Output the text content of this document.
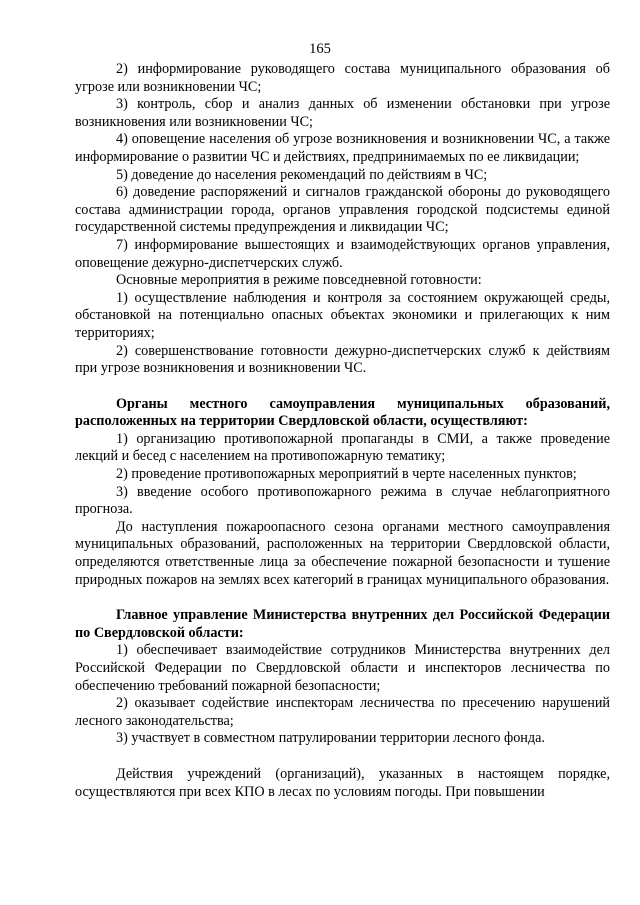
165

2) информирование руководящего состава муниципального образования об угрозе или возникновении ЧС;

3) контроль, сбор и анализ данных об изменении обстановки при угрозе возникновения или возникновении ЧС;

4) оповещение населения об угрозе возникновения и возникновении ЧС, а также информирование о развитии ЧС и действиях, предпринимаемых по ее ликвидации;

5) доведение до населения рекомендаций по действиям в ЧС;

6) доведение распоряжений и сигналов гражданской обороны до руководящего состава администрации города, органов управления городской подсистемы единой государственной системы предупреждения и ликвидации ЧС;

7) информирование вышестоящих и взаимодействующих органов управления, оповещение дежурно-диспетчерских служб.

Основные мероприятия в режиме повседневной готовности:

1) осуществление наблюдения и контроля за состоянием окружающей среды, обстановкой на потенциально опасных объектах экономики и прилегающих к ним территориях;

2) совершенствование готовности дежурно-диспетчерских служб к действиям при угрозе возникновения и возникновении ЧС.

Органы местного самоуправления муниципальных образований, расположенных на территории Свердловской области, осуществляют:

1) организацию противопожарной пропаганды в СМИ, а также проведение лекций и бесед с населением на противопожарную тематику;

2) проведение противопожарных мероприятий в черте населенных пунктов;

3) введение особого противопожарного режима в случае неблагоприятного прогноза.

До наступления пожароопасного сезона органами местного самоуправления муниципальных образований, расположенных на территории Свердловской области, определяются ответственные лица за обеспечение пожарной безопасности и тушение природных пожаров на землях всех категорий в границах муниципального образования.

Главное управление Министерства внутренних дел Российской Федерации по Свердловской области:

1) обеспечивает взаимодействие сотрудников Министерства внутренних дел Российской Федерации по Свердловской области и инспекторов лесничества по обеспечению требований пожарной безопасности;

2) оказывает содействие инспекторам лесничества по пресечению нарушений лесного законодательства;

3) участвует в совместном патрулировании территории лесного фонда.

Действия учреждений (организаций), указанных в настоящем порядке, осуществляются при всех КПО в лесах по условиям погоды. При повышении
